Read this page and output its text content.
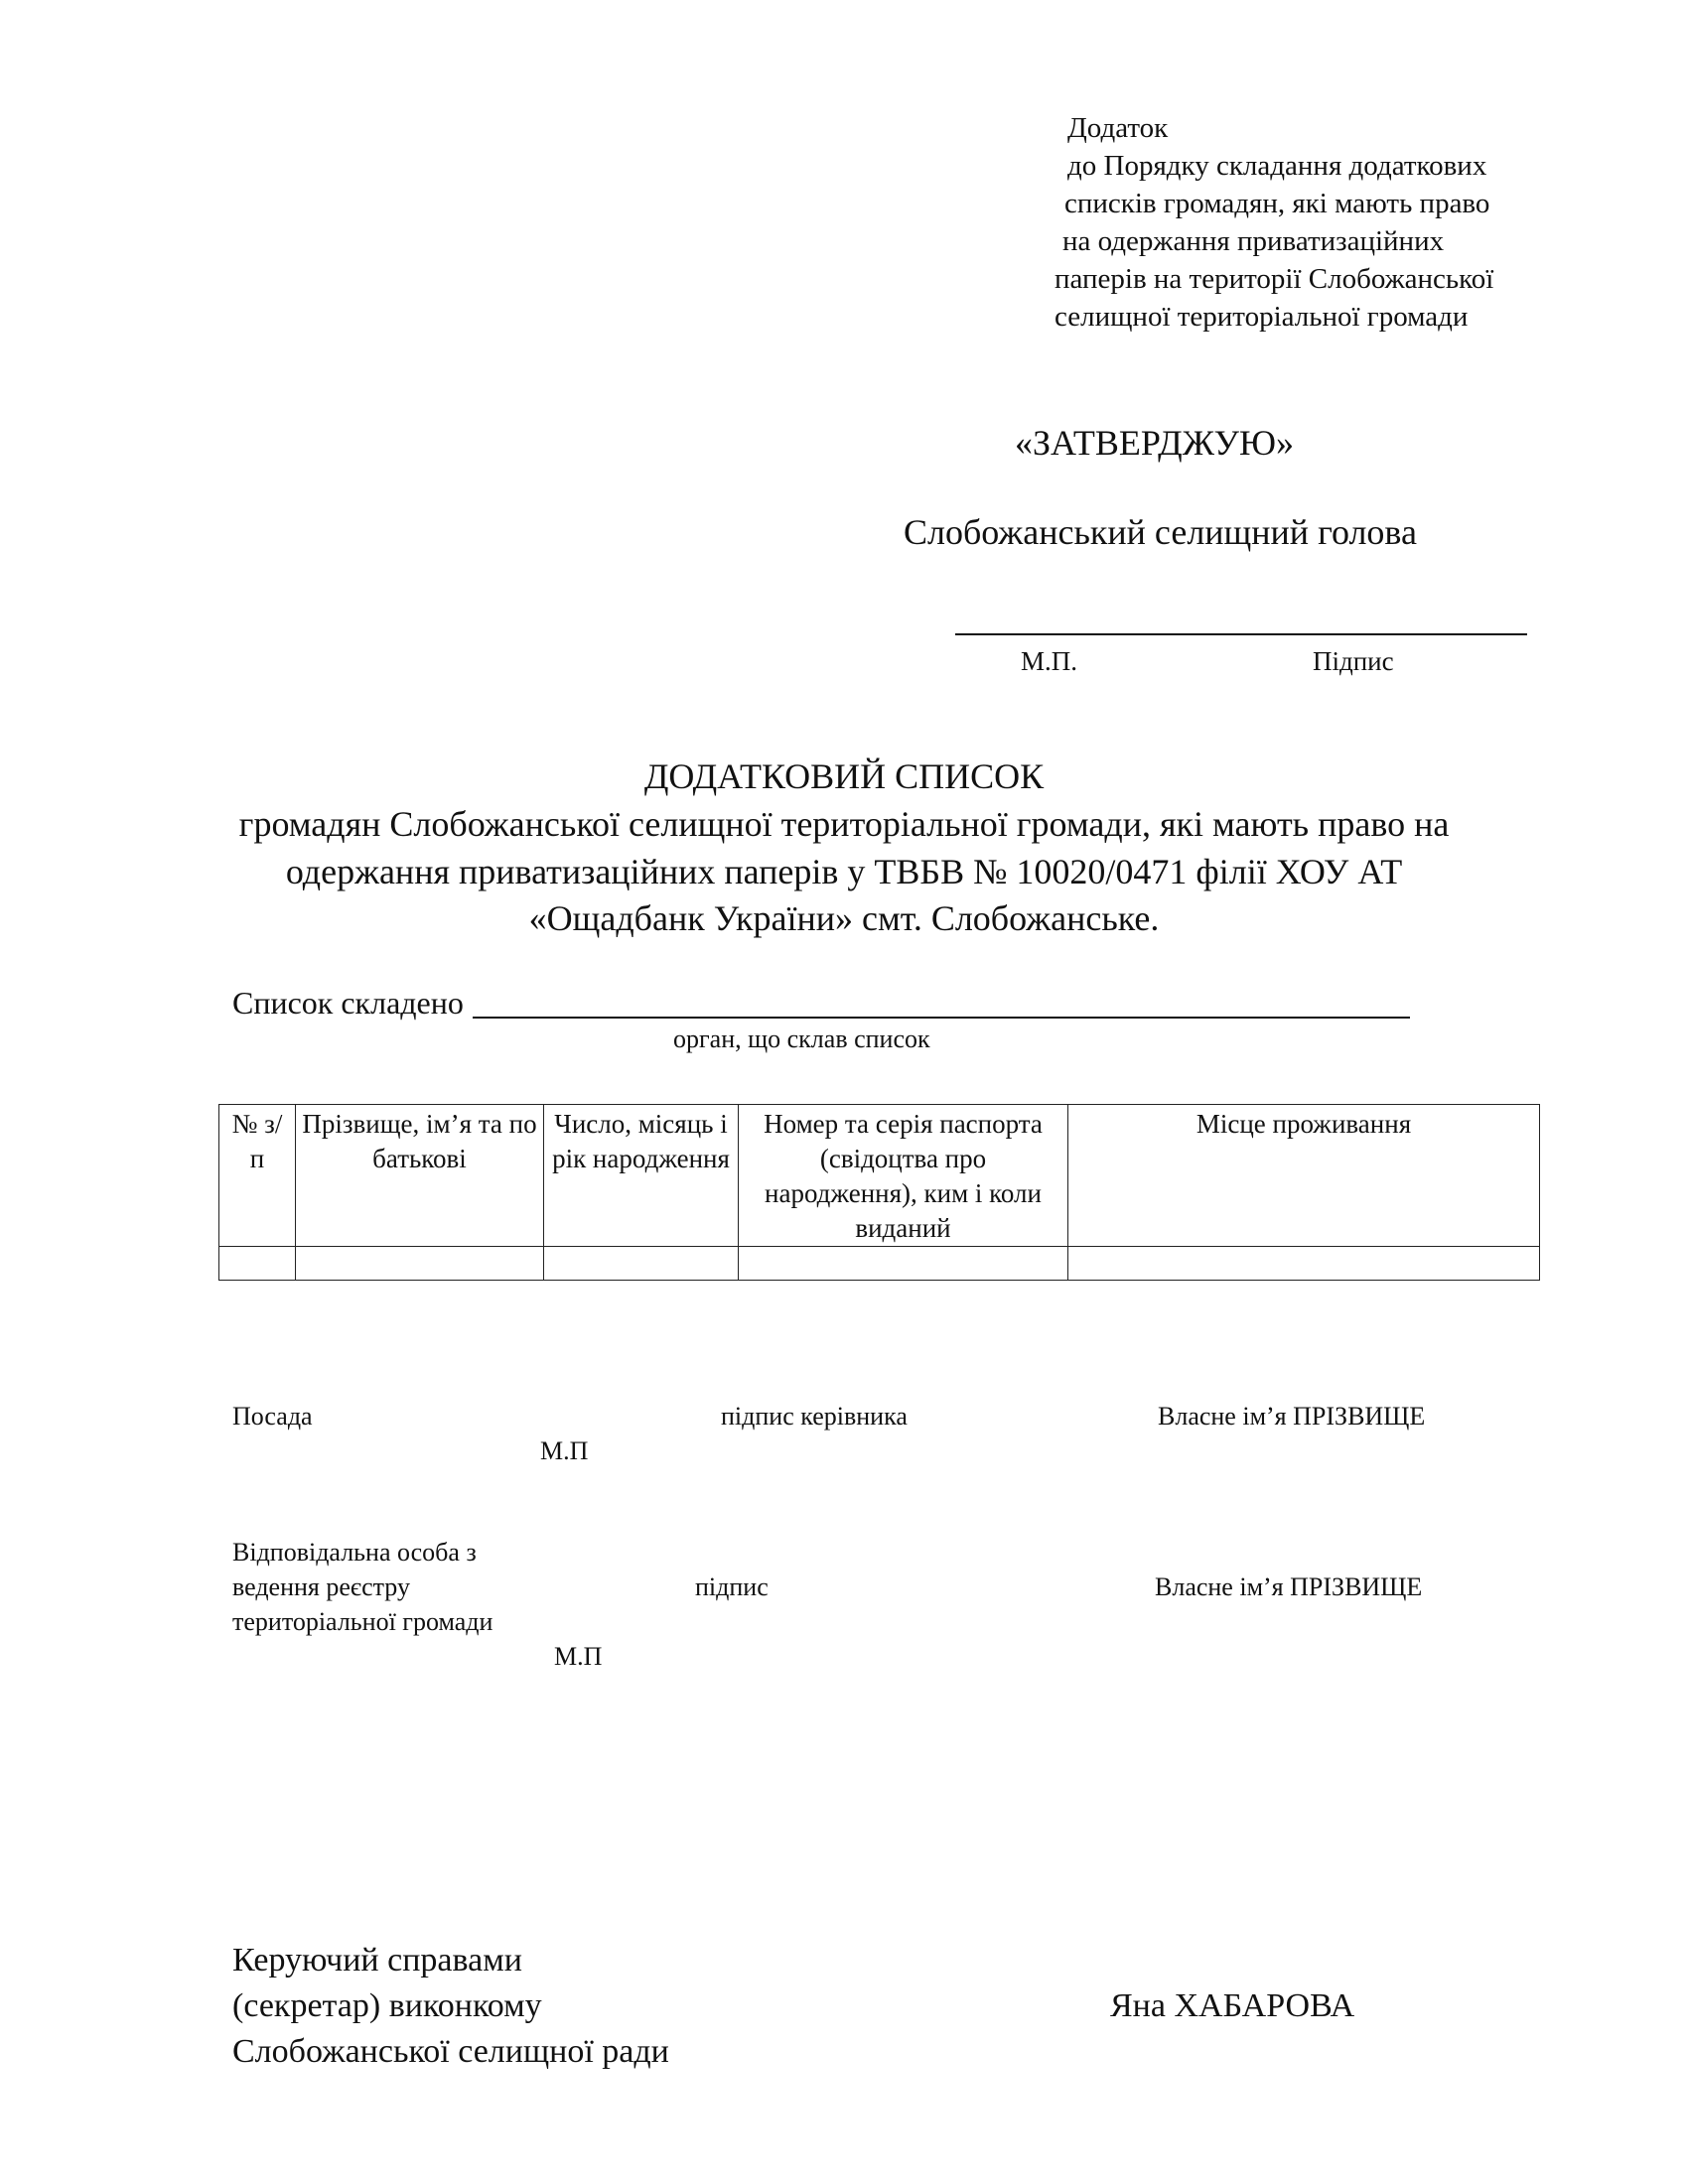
Додаток
до Порядку складання додаткових
списків громадян, які мають право
на одержання приватизаційних
паперів на території Слобожанської
селищної територіальної громади
«ЗАТВЕРДЖУЮ»
Слобожанський селищний голова
М.П.	Підпис
ДОДАТКОВИЙ СПИСОК
громадян Слобожанської селищної територіальної громади, які мають право на
одержання приватизаційних паперів у ТВБВ № 10020/0471 філії ХОУ АТ
«Ощадбанк України» смт. Слобожанське.
Список складено
орган, що склав список
№ з/п	Прізвище, ім’я та по батькові	Число, місяць і рік народження	Номер та серія паспорта (свідоцтва про народження), ким і коли виданий	Місце проживання

Посада	підпис керівника	Власне ім’я ПРІЗВИЩЕ
М.П
Відповідальна особа з
ведення реєстру
територіальної громади
підпис	Власне ім’я ПРІЗВИЩЕ
М.П
Керуючий справами
(секретар) виконкому
Слобожанської селищної ради
Яна ХАБАРОВА
